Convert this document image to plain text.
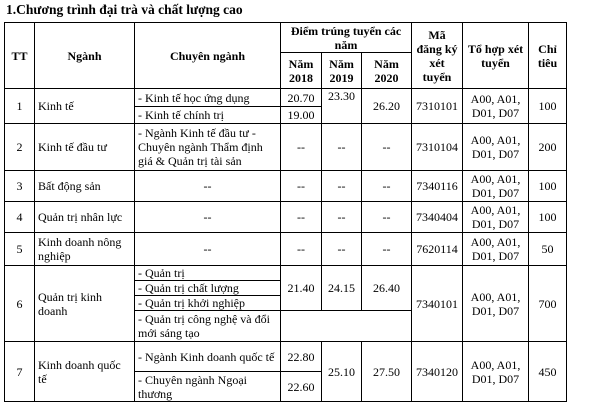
1.Chương trình đại trà và chất lượng cao
TT	Ngành	Chuyên ngành	Điểm trúng tuyển các năm			Mã đăng ký xét tuyển	Tổ hợp xét tuyển	Chỉ tiêu
			Năm 2018	Năm 2019	Năm 2020			
1	Kinh tế	- Kinh tế học ứng dụng	20.70	23.30	26.20	7310101	A00, A01, D01, D07	100
		- Kinh tế chính trị	19.00					
2	Kinh tế đầu tư	- Ngành Kinh tế đầu tư - Chuyên ngành Thẩm định giá & Quản trị tài sản	--	--	--	7310104	A00, A01, D01, D07	200
3	Bất động sản	--	--	--	--	7340116	A00, A01, D01, D07	100
4	Quản trị nhân lực	--	--	--	--	7340404	A00, A01, D01, D07	100
5	Kinh doanh nông nghiệp	--	--	--	--	7620114	A00, A01, D01, D07	50
6	Quản trị kinh doanh	- Quản trị	21.40	24.15	26.40	7340101	A00, A01, D01, D07	700
		- Quản trị chất lượng						
		- Quản trị khởi nghiệp						
		- Quản trị công nghệ và đổi mới sáng tạo						
7	Kinh doanh quốc tế	- Ngành Kinh doanh quốc tế	22.80	25.10	27.50	7340120	A00, A01, D01, D07	450
		- Chuyên ngành Ngoại thương	22.60					
